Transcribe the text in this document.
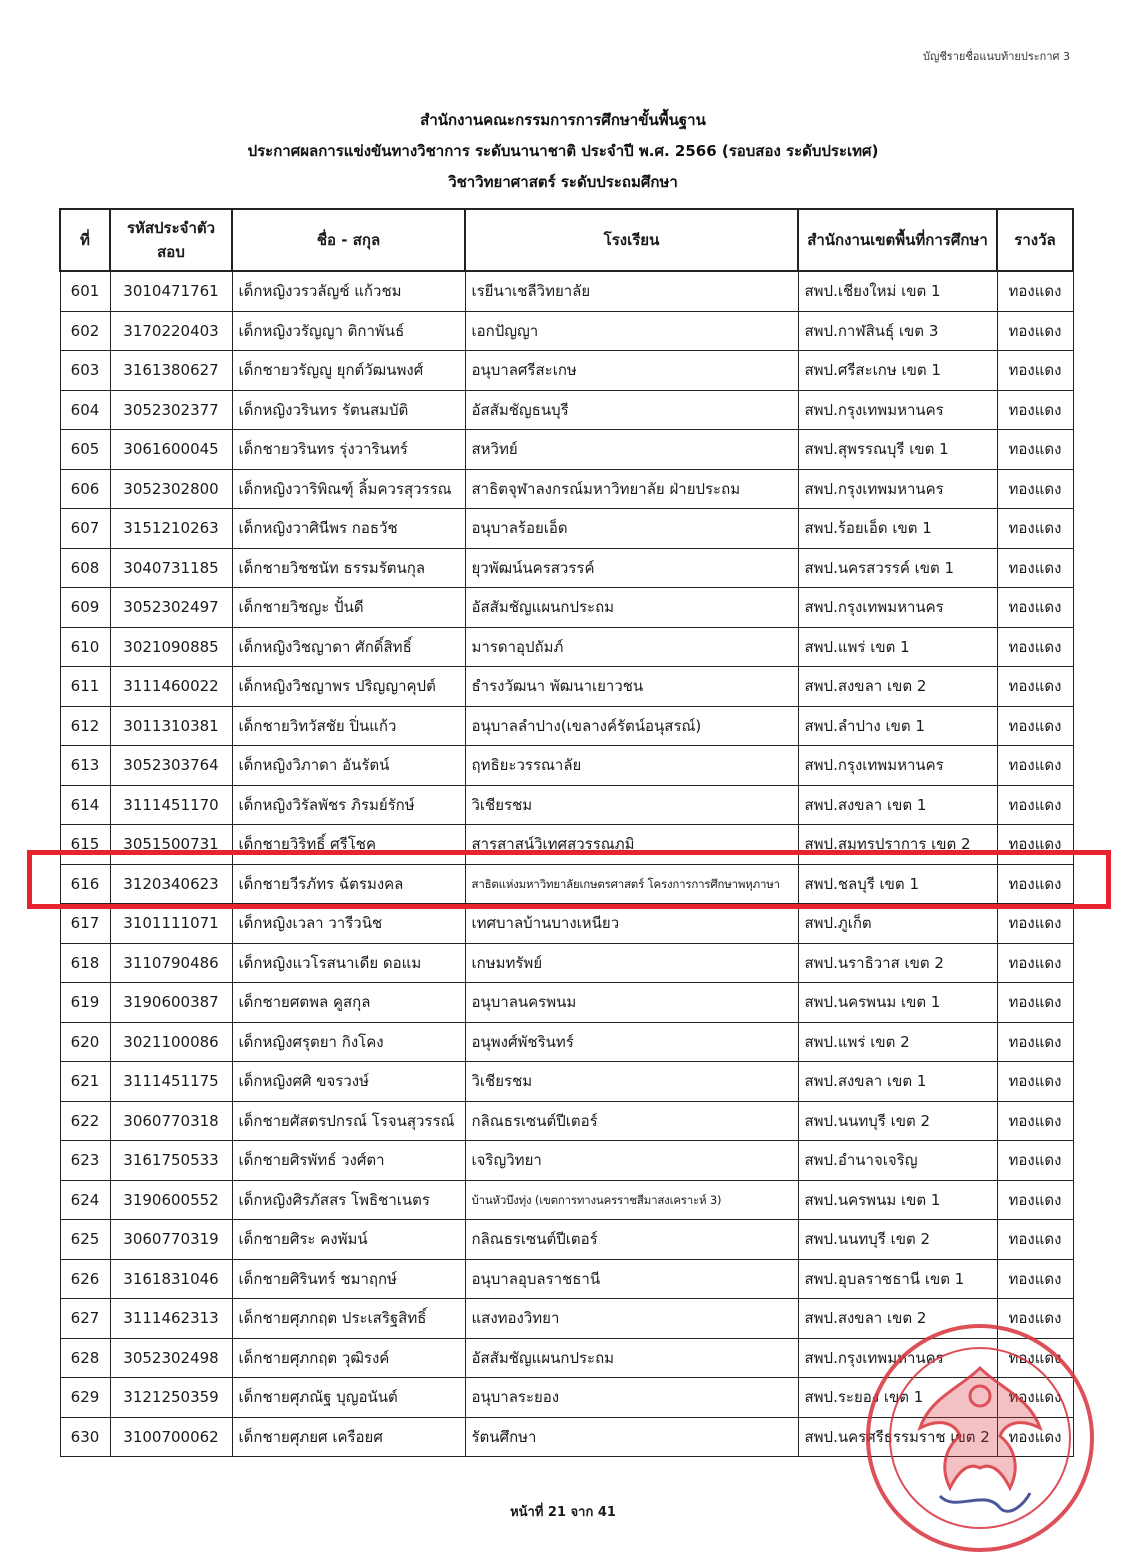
บัญชีรายชื่อแนบท้ายประกาศ 3
สำนักงานคณะกรรมการการศึกษาขั้นพื้นฐาน
ประกาศผลการแข่งขันทางวิชาการ ระดับนานาชาติ ประจำปี พ.ศ. 2566 (รอบสอง ระดับประเทศ)
วิชาวิทยาศาสตร์ ระดับประถมศึกษา
ที่	รหัสประจำตัวสอบ	ชื่อ - สกุล	โรงเรียน	สำนักงานเขตพื้นที่การศึกษา	รางวัล
601	3010471761	เด็กหญิงวรวลัญช์ แก้วชม	เรยีนาเชลีวิทยาลัย	สพป.เชียงใหม่ เขต 1	ทองแดง
602	3170220403	เด็กหญิงวรัญญา ติกาพันธ์	เอกปัญญา	สพป.กาฬสินธุ์ เขต 3	ทองแดง
603	3161380627	เด็กชายวรัญญู ยุกต์วัฒนพงศ์	อนุบาลศรีสะเกษ	สพป.ศรีสะเกษ เขต 1	ทองแดง
604	3052302377	เด็กหญิงวรินทร รัตนสมบัติ	อัสสัมชัญธนบุรี	สพป.กรุงเทพมหานคร	ทองแดง
605	3061600045	เด็กชายวรินทร รุ่งวารินทร์	สหวิทย์	สพป.สุพรรณบุรี เขต 1	ทองแดง
606	3052302800	เด็กหญิงวาริพิณฑุ์ ลิ้มควรสุวรรณ	สาธิตจุฬาลงกรณ์มหาวิทยาลัย ฝ่ายประถม	สพป.กรุงเทพมหานคร	ทองแดง
607	3151210263	เด็กหญิงวาศินีพร กอธวัช	อนุบาลร้อยเอ็ด	สพป.ร้อยเอ็ด เขต 1	ทองแดง
608	3040731185	เด็กชายวิชชนัท ธรรมรัตนกุล	ยุวพัฒน์นครสวรรค์	สพป.นครสวรรค์ เขต 1	ทองแดง
609	3052302497	เด็กชายวิชญะ ปั้นดี	อัสสัมชัญแผนกประถม	สพป.กรุงเทพมหานคร	ทองแดง
610	3021090885	เด็กหญิงวิชญาดา ศักดิ์สิทธิ์	มารดาอุปถัมภ์	สพป.แพร่ เขต 1	ทองแดง
611	3111460022	เด็กหญิงวิชญาพร ปริญญาคุปต์	ธำรงวัฒนา พัฒนาเยาวชน	สพป.สงขลา เขต 2	ทองแดง
612	3011310381	เด็กชายวิทวัสชัย ปิ่นแก้ว	อนุบาลลำปาง(เขลางค์รัตน์อนุสรณ์)	สพป.ลำปาง เขต 1	ทองแดง
613	3052303764	เด็กหญิงวิภาดา อันรัตน์	ฤทธิยะวรรณาลัย	สพป.กรุงเทพมหานคร	ทองแดง
614	3111451170	เด็กหญิงวิรัลพัชร ภิรมย์รักษ์	วิเชียรชม	สพป.สงขลา เขต 1	ทองแดง
615	3051500731	เด็กชายวิริทธิ์ ศรีโชค	สารสาสน์วิเทศสุวรรณภูมิ	สพป.สมุทรปราการ เขต 2	ทองแดง
616	3120340623	เด็กชายวีรภัทร ฉัตรมงคล	สาธิตแห่งมหาวิทยาลัยเกษตรศาสตร์ โครงการการศึกษาพหุภาษา	สพป.ชลบุรี เขต 1	ทองแดง
617	3101111071	เด็กหญิงเวลา วารีวนิช	เทศบาลบ้านบางเหนียว	สพป.ภูเก็ต	ทองแดง
618	3110790486	เด็กหญิงแวโรสนาเดีย ดอแม	เกษมทรัพย์	สพป.นราธิวาส เขต 2	ทองแดง
619	3190600387	เด็กชายศตพล คูสกุล	อนุบาลนครพนม	สพป.นครพนม เขต 1	ทองแดง
620	3021100086	เด็กหญิงศรุตยา กิงโคง	อนุพงศ์พัชรินทร์	สพป.แพร่ เขต 2	ทองแดง
621	3111451175	เด็กหญิงศศิ ขจรวงษ์	วิเชียรชม	สพป.สงขลา เขต 1	ทองแดง
622	3060770318	เด็กชายศัสตรปกรณ์ โรจนสุวรรณ์	กลิณธรเซนต์ปีเตอร์	สพป.นนทบุรี เขต 2	ทองแดง
623	3161750533	เด็กชายศิรพัทธ์ วงศ์ตา	เจริญวิทยา	สพป.อำนาจเจริญ	ทองแดง
624	3190600552	เด็กหญิงศิรภัสสร โพธิชาเนตร	บ้านหัวบึงทุ่ง (เขตการทางนครราชสีมาสงเคราะห์ 3)	สพป.นครพนม เขต 1	ทองแดง
625	3060770319	เด็กชายศิระ คงพัมน์	กลิณธรเซนต์ปีเตอร์	สพป.นนทบุรี เขต 2	ทองแดง
626	3161831046	เด็กชายศิรินทร์ ชมาฤกษ์	อนุบาลอุบลราชธานี	สพป.อุบลราชธานี เขต 1	ทองแดง
627	3111462313	เด็กชายศุภกฤต ประเสริฐสิทธิ์	แสงทองวิทยา	สพป.สงขลา เขต 2	ทองแดง
628	3052302498	เด็กชายศุภกฤต วุฒิรงค์	อัสสัมชัญแผนกประถม	สพป.กรุงเทพมหานคร	ทองแดง
629	3121250359	เด็กชายศุภณัฐ บุญอนันต์	อนุบาลระยอง	สพป.ระยอง เขต 1	ทองแดง
630	3100700062	เด็กชายศุภยศ เครือยศ	รัตนศึกษา	สพป.นครศรีธรรมราช เขต 2	ทองแดง
หน้าที่ 21 จาก 41
